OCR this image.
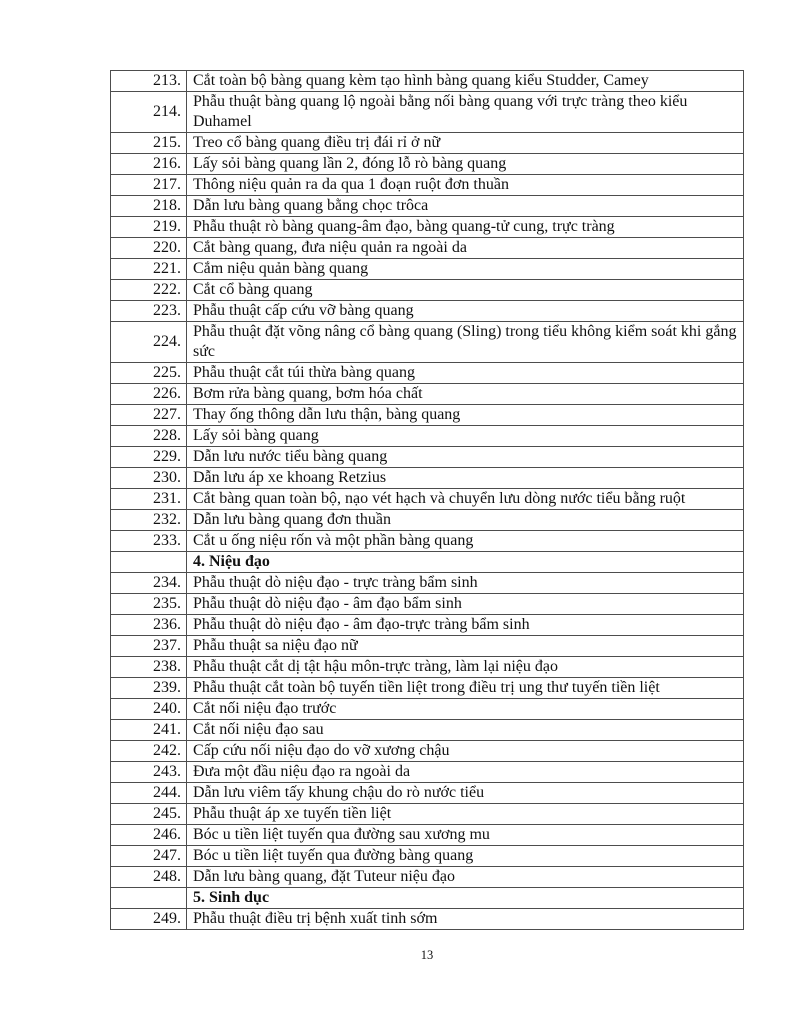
213.	Cắt toàn bộ bàng quang kèm tạo hình bàng quang kiểu Studder, Camey
214.	Phẫu thuật bàng quang lộ ngoài bằng nối bàng quang với trực tràng theo kiểu Duhamel
215.	Treo cổ bàng quang điều trị đái rỉ ở nữ
216.	Lấy sỏi bàng quang lần 2, đóng lỗ rò bàng quang
217.	Thông niệu quản ra da qua 1 đoạn ruột đơn thuần
218.	Dẫn lưu bàng quang bằng chọc trôca
219.	Phẫu thuật rò bàng quang-âm đạo, bàng quang-tử cung, trực tràng
220.	Cắt bàng quang, đưa niệu quản ra ngoài da
221.	Cắm niệu quản bàng quang
222.	Cắt cổ bàng quang
223.	Phẫu thuật cấp cứu vỡ bàng quang
224.	Phẫu thuật đặt võng nâng cổ bàng quang (Sling) trong tiểu không kiểm soát khi gắng sức
225.	Phẫu thuật cắt túi thừa bàng quang
226.	Bơm rửa bàng quang, bơm hóa chất
227.	Thay ống thông dẫn lưu thận, bàng quang
228.	Lấy sỏi bàng quang
229.	Dẫn lưu nước tiểu bàng quang
230.	Dẫn lưu áp xe khoang Retzius
231.	Cắt bàng quan toàn bộ, nạo vét hạch và chuyển lưu dòng nước tiểu bằng ruột
232.	Dẫn lưu bàng quang đơn thuần
233.	Cắt u ống niệu rốn và một phần bàng quang
	4. Niệu đạo
234.	Phẫu thuật dò niệu đạo - trực tràng bẩm sinh
235.	Phẫu thuật dò niệu đạo - âm đạo bẩm sinh
236.	Phẫu thuật dò niệu đạo - âm đạo-trực tràng bẩm sinh
237.	Phẫu thuật sa niệu đạo nữ
238.	Phẫu thuật cắt dị tật hậu môn-trực tràng, làm lại niệu đạo
239.	Phẫu thuật cắt toàn bộ tuyến tiền liệt trong điều trị ung thư tuyến tiền liệt
240.	Cắt nối niệu đạo trước
241.	Cắt nối niệu đạo sau
242.	Cấp cứu nối niệu đạo do vỡ xương chậu
243.	Đưa một đầu niệu đạo ra ngoài da
244.	Dẫn lưu viêm tấy khung chậu do rò nước tiểu
245.	Phẫu thuật áp xe tuyến tiền liệt
246.	Bóc u tiền liệt tuyến qua đường sau xương mu
247.	Bóc u tiền liệt tuyến qua đường bàng quang
248.	Dẫn lưu bàng quang, đặt Tuteur niệu đạo
	5. Sinh dục
249.	Phẫu thuật điều trị bệnh xuất tinh sớm
13
